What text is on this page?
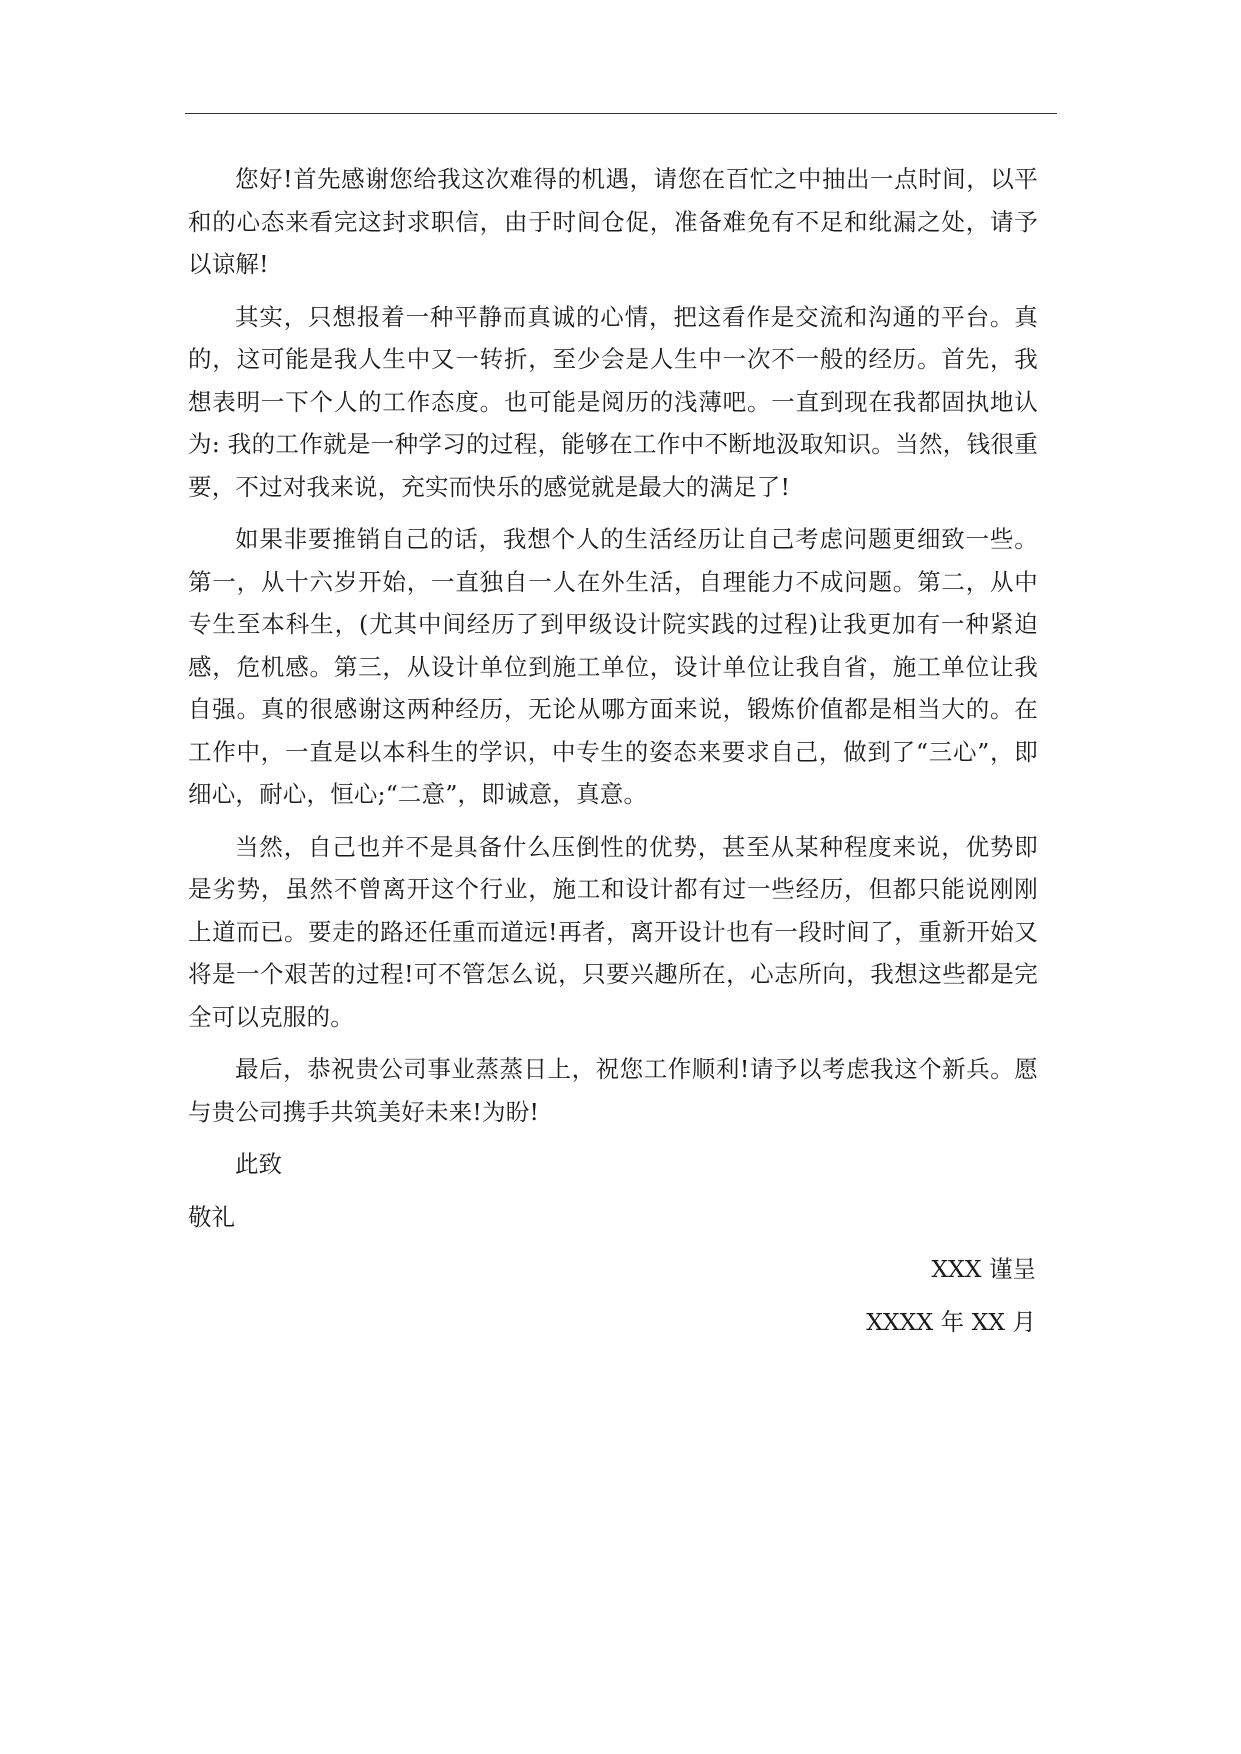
您好!首先感谢您给我这次难得的机遇，请您在百忙之中抽出一点时间，以平和的心态来看完这封求职信，由于时间仓促，准备难免有不足和纰漏之处，请予以谅解!

其实，只想报着一种平静而真诚的心情，把这看作是交流和沟通的平台。真的，这可能是我人生中又一转折，至少会是人生中一次不一般的经历。首先，我想表明一下个人的工作态度。也可能是阅历的浅薄吧。一直到现在我都固执地认为: 我的工作就是一种学习的过程，能够在工作中不断地汲取知识。当然，钱很重要，不过对我来说，充实而快乐的感觉就是最大的满足了!

如果非要推销自己的话，我想个人的生活经历让自己考虑问题更细致一些。第一，从十六岁开始，一直独自一人在外生活，自理能力不成问题。第二，从中专生至本科生，(尤其中间经历了到甲级设计院实践的过程)让我更加有一种紧迫感，危机感。第三，从设计单位到施工单位，设计单位让我自省，施工单位让我自强。真的很感谢这两种经历，无论从哪方面来说，锻炼价值都是相当大的。在工作中，一直是以本科生的学识，中专生的姿态来要求自己，做到了“三心”，即细心，耐心，恒心;“二意”，即诚意，真意。

当然，自己也并不是具备什么压倒性的优势，甚至从某种程度来说，优势即是劣势，虽然不曾离开这个行业，施工和设计都有过一些经历，但都只能说刚刚上道而已。要走的路还任重而道远!再者，离开设计也有一段时间了，重新开始又将是一个艰苦的过程!可不管怎么说，只要兴趣所在，心志所向，我想这些都是完全可以克服的。

最后，恭祝贵公司事业蒸蒸日上，祝您工作顺利!请予以考虑我这个新兵。愿与贵公司携手共筑美好未来!为盼!

此致

敬礼

XXX 谨呈

XXXX 年 XX 月
